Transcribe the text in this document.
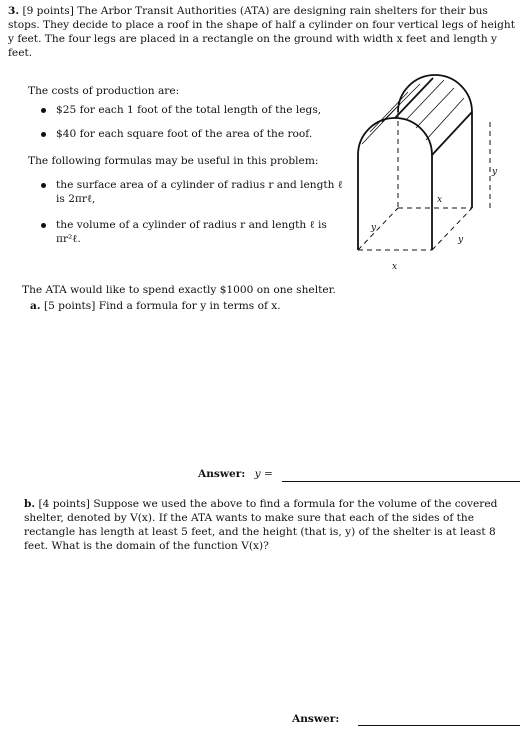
3. [9 points] The Arbor Transit Authorities (ATA) are designing rain shelters for their bus stops. They decide to place a roof in the shape of half a cylinder on four vertical legs of height y feet. The four legs are placed in a rectangle on the ground with width x feet and length y feet.
The costs of production are:
$25 for each 1 foot of the total length of the legs,
$40 for each square foot of the area of the roof.
The following formulas may be useful in this problem:
the surface area of a cylinder of radius r and length ℓ
is 2πrℓ,
the volume of a cylinder of radius r and length ℓ is
πr²ℓ.
y
x
x
y
y
The ATA would like to spend exactly $1000 on one shelter.
a. [5 points] Find a formula for y in terms of x.
Answer: y =
b. [4 points] Suppose we used the above to find a formula for the volume of the covered shelter, denoted by V(x). If the ATA wants to make sure that each of the sides of the rectangle has length at least 5 feet, and the height (that is, y) of the shelter is at least 8 feet. What is the domain of the function V(x)?
Answer:
